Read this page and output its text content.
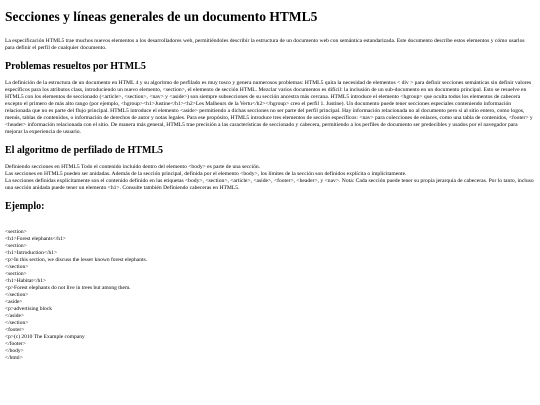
Secciones y líneas generales de un documento HTML5

La especificación HTML5 trae muchos nuevos elementos a los desarrolladores web, permitiéndoles describir la estructura de un documento web con semántica estandarizada. Este documento describe estos elementos y cómo usarlos para definir el perfil de cualquier documento.

Problemas resueltos por HTML5

La definición de la estructura de un documento en HTML 4 y su algoritmo de perfilado es muy tosco y genera numerosos problemas: HTML5 quita la necesidad de elementos < div > para definir secciones semánticas sin definir valores específicos para los atributos class, introduciendo un nuevo elemento, <section>, el elemento de sección HTML. Mezclar varios documentos es difícil: la inclusión de un sub-documento en un documento principal. Esto se resuelve en HTML5 con los elementos de seccionado (<article>, <section>, <nav> y <aside>) son siempre subsecciones de su sección ancestra más cercana. HTML5 introduce el elemento <hgroup> que oculta todos los elementos de cabecera excepto el primero de más alto rango (por ejemplo, <hgroup><h1>Justine</h1><h2>Les Malheurs de la Vertu</h2></hgroup> creo el perfil 1. Justine). Un documento puede tener secciones especiales conteniendo información relacionada que no es parte del flujo principal. HTML5 introduce el elemento <aside> permitiendo a dichas secciones no ser parte del perfil principal. Hay información relacionada no al documento pero si al sitio entero, como logos, menús, tablas de contenidos, o información de derechos de autor y notas legales. Para ese propósito, HTML5 introduce tres elementos de sección específicos: <nav> para colecciones de enlaces, como una tabla de contenidos, <footer> y <header> información relacionada con el sitio. De manera más general, HTML5 trae precisión a las características de seccionado y cabecera, permitiendo a los perfiles de documento ser predecibles y usados por el navegador para mejorar la experiencia de usuario.

El algoritmo de perfilado de HTML5
Definiendo secciones en HTML5 Todo el contenido incluido dentro del elemento <body> es parte de una sección.
Las secciones en HTML5 pueden ser anidadas. Además de la sección principal, definida por el elemento <body>, los límites de la sección son definidos explícita o implícitamente.
La secciones definidas explícitamente son el contenido definido en las etiquetas <body>, <section>, <article>, <aside>, <footer>, <header>, y <nav>. Nota: Cada sección puede tener su propia jerarquía de cabeceras. Por lo tanto, incluso una sección anidada puede tener un elemento <h1>. Consulte también Definiendo cabeceras en HTML5.
Ejemplo:
<section>
<h1>Forest elephants</h1>
<section>
<h1>Introduction</h1>
<p>In this section, we discuss the lesser known forest elephants.
</section>
<section>
<h1>Habitat</h1>
<p>Forest elephants do not live in trees but among them.
</section>
<aside>
<p>advertising block
</aside>
</section>
<footer>
<p>(c) 2010 The Example company
</footer>
</body>
</html>
